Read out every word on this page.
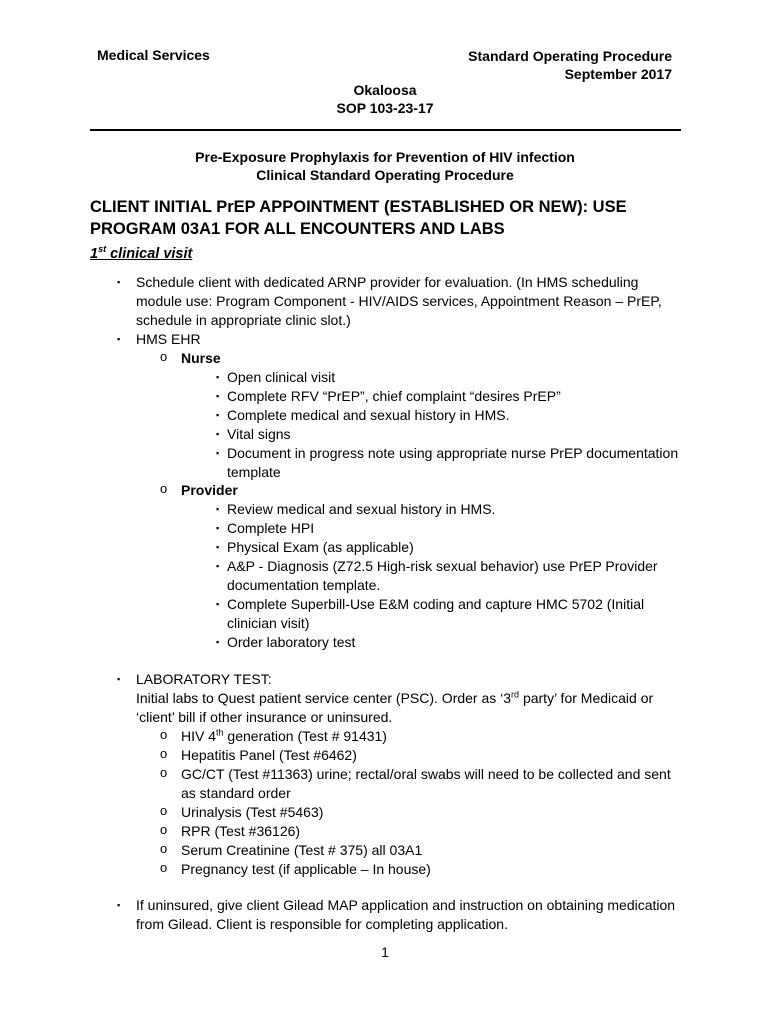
Medical Services	Standard Operating Procedure
September 2017
Okaloosa
SOP 103-23-17
Pre-Exposure Prophylaxis for Prevention of HIV infection
Clinical Standard Operating Procedure
CLIENT INITIAL PrEP APPOINTMENT (ESTABLISHED OR NEW): USE PROGRAM 03A1 FOR ALL ENCOUNTERS AND LABS
1st clinical visit
▪ Schedule client with dedicated ARNP provider for evaluation. (In HMS scheduling
module use: Program Component - HIV/AIDS services, Appointment Reason – PrEP,
schedule in appropriate clinic slot.)
▪ HMS EHR
o Nurse
▪ Open clinical visit
▪ Complete RFV “PrEP”, chief complaint “desires PrEP”
▪ Complete medical and sexual history in HMS.
▪ Vital signs
▪ Document in progress note using appropriate nurse PrEP documentation
template
o Provider
▪ Review medical and sexual history in HMS.
▪ Complete HPI
▪ Physical Exam (as applicable)
▪ A&P - Diagnosis (Z72.5 High-risk sexual behavior) use PrEP Provider
documentation template.
▪ Complete Superbill-Use E&M coding and capture HMC 5702 (Initial
clinician visit)
▪ Order laboratory test
▪ LABORATORY TEST:
Initial labs to Quest patient service center (PSC). Order as ‘3rd party’ for Medicaid or
‘client’ bill if other insurance or uninsured.
o HIV 4th generation (Test # 91431)
o Hepatitis Panel (Test #6462)
o GC/CT (Test #11363) urine; rectal/oral swabs will need to be collected and sent
as standard order
o Urinalysis (Test #5463)
o RPR (Test #36126)
o Serum Creatinine (Test # 375) all 03A1
o Pregnancy test (if applicable – In house)
▪ If uninsured, give client Gilead MAP application and instruction on obtaining medication
from Gilead. Client is responsible for completing application.
1
